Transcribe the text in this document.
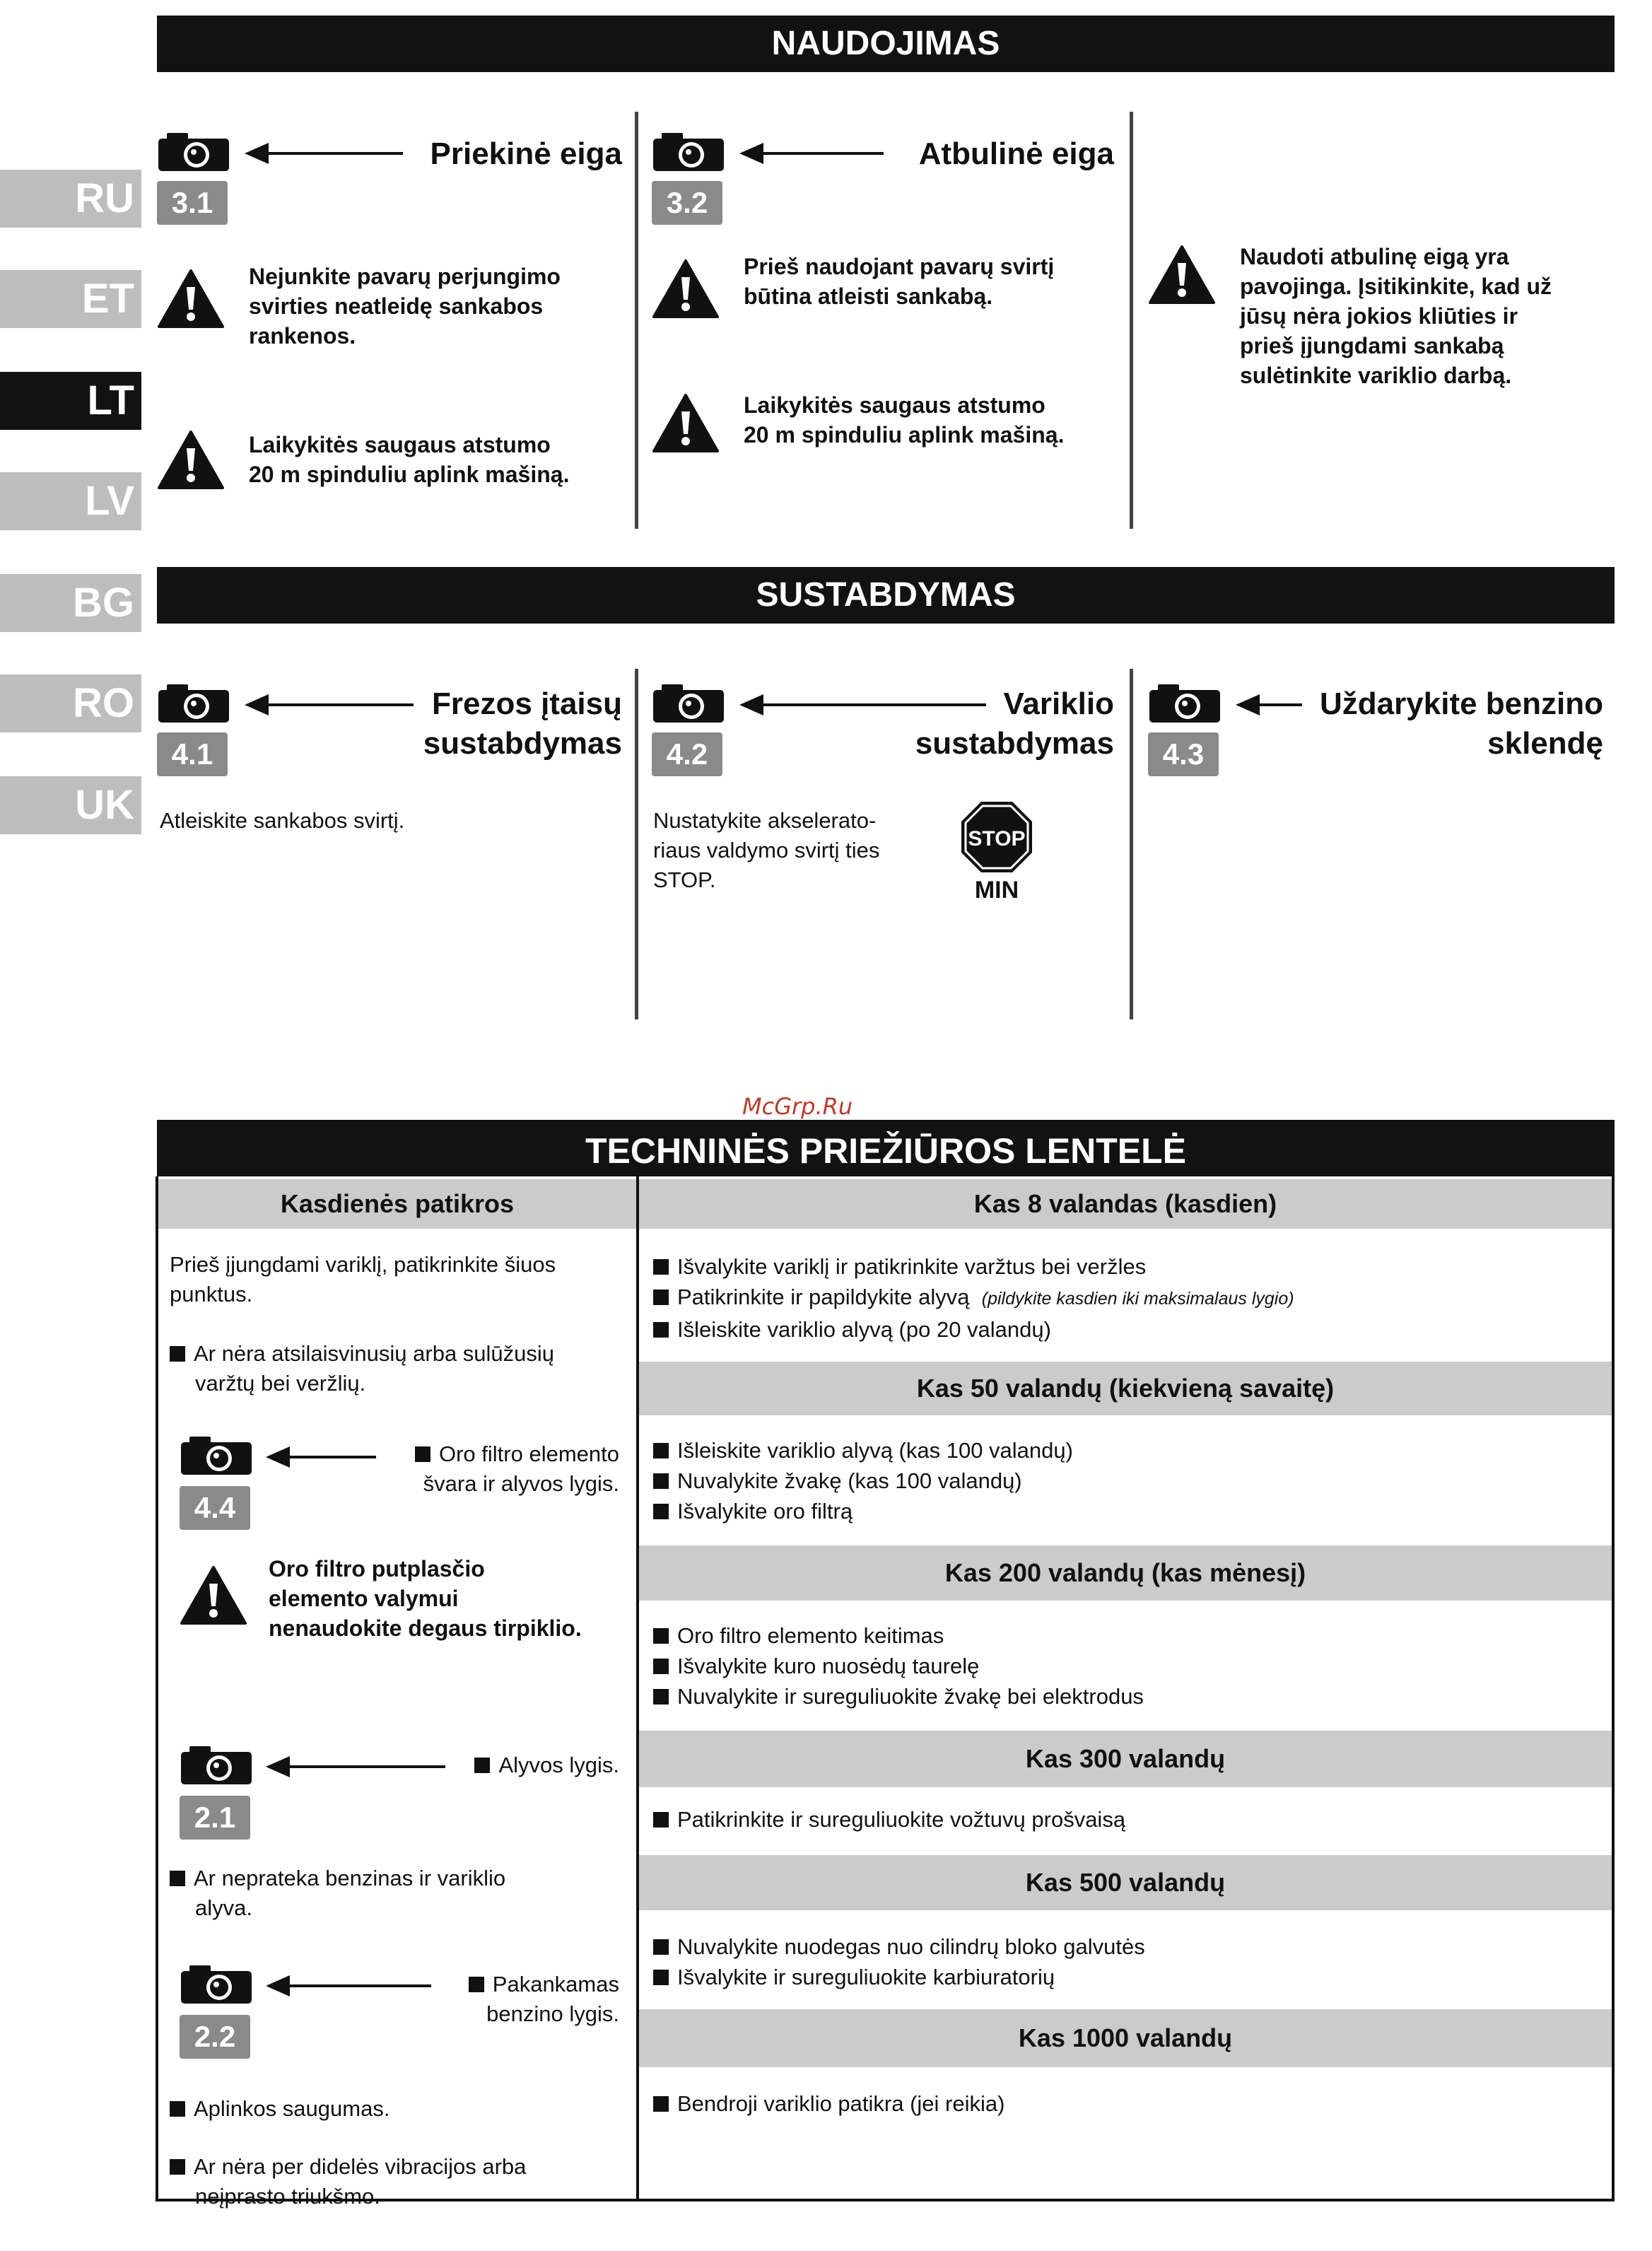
RU
ET
LT
LV
BG
RO
UK
NAUDOJIMAS
Priekinė eiga
3.1
Nejunkite pavarų perjungimo
svirties neatleidę sankabos
rankenos.
Laikykitės saugaus atstumo
20 m spinduliu aplink mašiną.
Atbulinė eiga
3.2
Prieš naudojant pavarų svirtį
būtina atleisti sankabą.
Laikykitės saugaus atstumo
20 m spinduliu aplink mašiną.
Naudoti atbulinę eigą yra
pavojinga. Įsitikinkite, kad už
jūsų nėra jokios kliūties ir
prieš įjungdami sankabą
sulėtinkite variklio darbą.
SUSTABDYMAS
Frezos įtaisų
sustabdymas
4.1
Atleiskite sankabos svirtį.
Variklio
sustabdymas
4.2
Nustatykite akselerato-
riaus valdymo svirtį ties
STOP.
STOP
MIN
Uždarykite benzino
sklendę
4.3
McGrp.Ru
TECHNINĖS PRIEŽIŪROS LENTELĖ
Kasdienės patikros
Prieš įjungdami variklį, patikrinkite šiuos
punktus.
Ar nėra atsilaisvinusių arba sulūžusių
varžtų bei veržlių.
4.4
Oro filtro elemento
švara ir alyvos lygis.
Oro filtro putplasčio
elemento valymui
nenaudokite degaus tirpiklio.
2.1
Alyvos lygis.
Ar neprateka benzinas ir variklio
alyva.
2.2
Pakankamas
benzino lygis.
Aplinkos saugumas.
Ar nėra per didelės vibracijos arba
neįprasto triukšmo.
Kas 8 valandas (kasdien)
Išvalykite variklį ir patikrinkite varžtus bei veržles
Patikrinkite ir papildykite alyvą (pildykite kasdien iki maksimalaus lygio)
Išleiskite variklio alyvą (po 20 valandų)
Kas 50 valandų (kiekvieną savaitę)
Išleiskite variklio alyvą (kas 100 valandų)
Nuvalykite žvakę (kas 100 valandų)
Išvalykite oro filtrą
Kas 200 valandų (kas mėnesį)
Oro filtro elemento keitimas
Išvalykite kuro nuosėdų taurelę
Nuvalykite ir sureguliuokite žvakę bei elektrodus
Kas 300 valandų
Patikrinkite ir sureguliuokite vožtuvų prošvaisą
Kas 500 valandų
Nuvalykite nuodegas nuo cilindrų bloko galvutės
Išvalykite ir sureguliuokite karbiuratorių
Kas 1000 valandų
Bendroji variklio patikra (jei reikia)
